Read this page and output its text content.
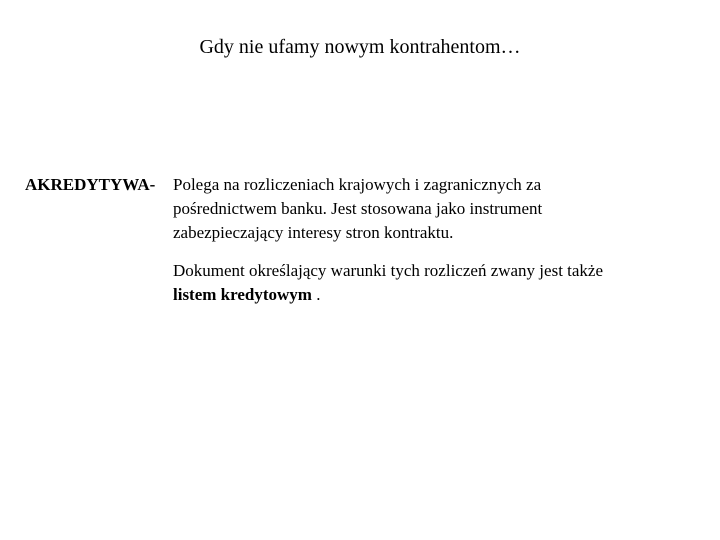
Gdy nie ufamy nowym kontrahentom…
AKREDYTYWA- Polega na rozliczeniach krajowych i zagranicznych za
pośrednictwem banku. Jest stosowana jako instrument
zabezpieczający interesy stron kontraktu.
Dokument określający warunki tych rozliczeń zwany jest także
listem kredytowym .
